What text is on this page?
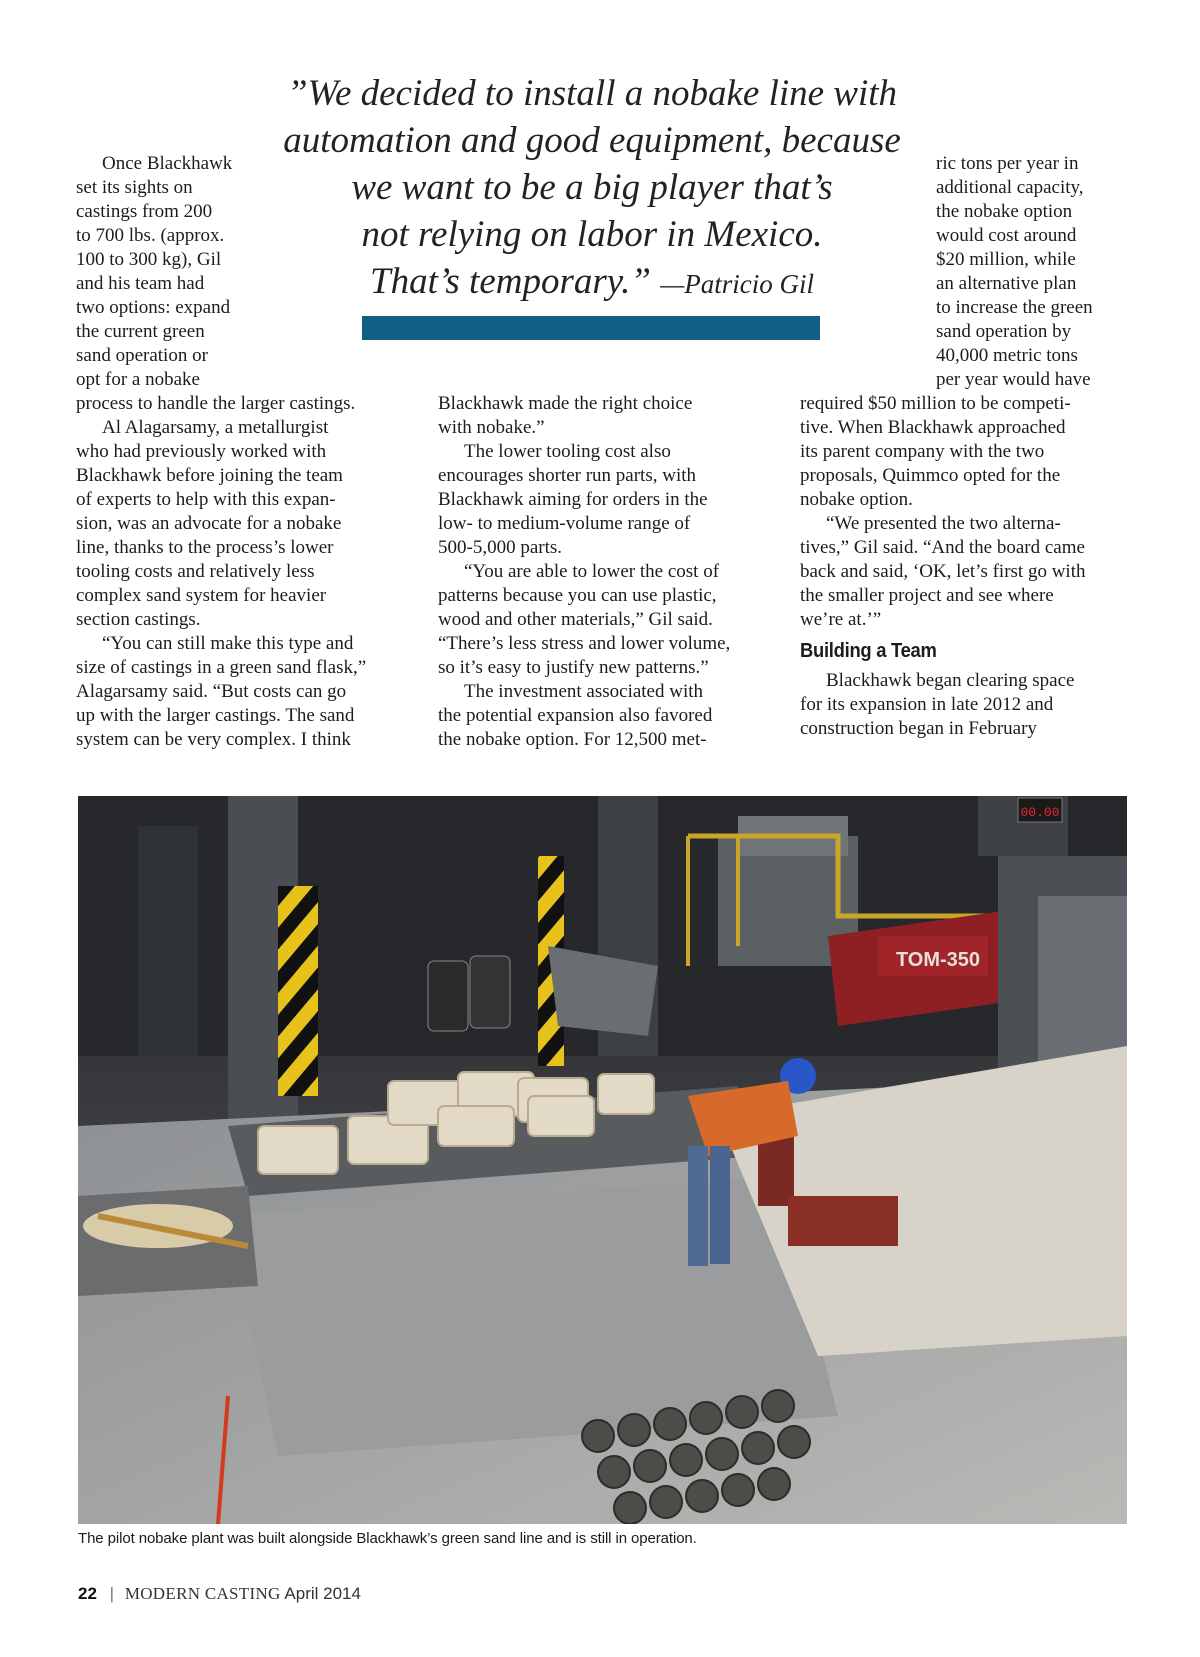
”We decided to install a nobake line with
automation and good equipment, because
we want to be a big player that’s
not relying on labor in Mexico.
That’s temporary.” —Patricio Gil
Once Blackhawk
set its sights on
castings from 200
to 700 lbs. (approx.
100 to 300 kg), Gil
and his team had
two options: expand
the current green
sand operation or
opt for a nobake
process to handle the larger castings.
Al Alagarsamy, a metallurgist
who had previously worked with
Blackhawk before joining the team
of experts to help with this expan-
sion, was an advocate for a nobake
line, thanks to the process’s lower
tooling costs and relatively less
complex sand system for heavier
section castings.
“You can still make this type and
size of castings in a green sand flask,”
Alagarsamy said. “But costs can go
up with the larger castings. The sand
system can be very complex. I think
Blackhawk made the right choice
with nobake.”
The lower tooling cost also
encourages shorter run parts, with
Blackhawk aiming for orders in the
low- to medium-volume range of
500-5,000 parts.
“You are able to lower the cost of
patterns because you can use plastic,
wood and other materials,” Gil said.
“There’s less stress and lower volume,
so it’s easy to justify new patterns.”
The investment associated with
the potential expansion also favored
the nobake option. For 12,500 met-
ric tons per year in
additional capacity,
the nobake option
would cost around
$20 million, while
an alternative plan
to increase the green
sand operation by
40,000 metric tons
per year would have
required $50 million to be competi-
tive. When Blackhawk approached
its parent company with the two
proposals, Quimmco opted for the
nobake option.
“We presented the two alterna-
tives,” Gil said. “And the board came
back and said, ‘OK, let’s first go with
the smaller project and see where
we’re at.’”
Building a Team
Blackhawk began clearing space
for its expansion in late 2012 and
construction began in February
00.00
TOM-350
The pilot nobake plant was built alongside Blackhawk’s green sand line and is still in operation.
22 | MODERN CASTING April 2014
